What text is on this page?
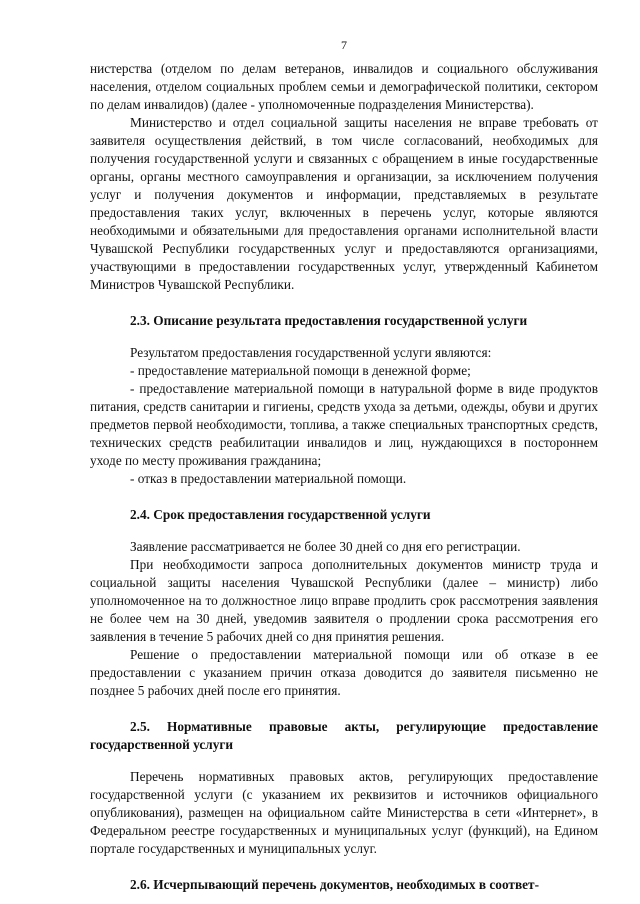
7

нистерства (отделом по делам ветеранов, инвалидов и социального обслуживания населения, отделом социальных проблем семьи и демографической политики, сектором по делам инвалидов) (далее - уполномоченные подразделения Министерства).

Министерство и отдел социальной защиты населения не вправе требовать от заявителя осуществления действий, в том числе согласований, необходимых для получения государственной услуги и связанных с обращением в иные государственные органы, органы местного самоуправления и организации, за исключением получения услуг и получения документов и информации, представляемых в результате предоставления таких услуг, включенных в перечень услуг, которые являются необходимыми и обязательными для предоставления органами исполнительной власти Чувашской Республики государственных услуг и предоставляются организациями, участвующими в предоставлении государственных услуг, утвержденный Кабинетом Министров Чувашской Республики.

2.3. Описание результата предоставления государственной услуги

Результатом предоставления государственной услуги являются:

- предоставление материальной помощи в денежной форме;

- предоставление материальной помощи в натуральной форме в виде продуктов питания, средств санитарии и гигиены, средств ухода за детьми, одежды, обуви и других предметов первой необходимости, топлива, а также специальных транспортных средств, технических средств реабилитации инвалидов и лиц, нуждающихся в постороннем уходе по месту проживания гражданина;

- отказ в предоставлении материальной помощи.

2.4. Срок предоставления государственной услуги

Заявление рассматривается не более 30 дней со дня его регистрации.

При необходимости запроса дополнительных документов министр труда и социальной защиты населения Чувашской Республики (далее – министр) либо уполномоченное на то должностное лицо вправе продлить срок рассмотрения заявления не более чем на 30 дней, уведомив заявителя о продлении срока рассмотрения его заявления в течение 5 рабочих дней со дня принятия решения.

Решение о предоставлении материальной помощи или об отказе в ее предоставлении с указанием причин отказа доводится до заявителя письменно не позднее 5 рабочих дней после его принятия.

2.5. Нормативные правовые акты, регулирующие предоставление государственной услуги

Перечень нормативных правовых актов, регулирующих предоставление государственной услуги (с указанием их реквизитов и источников официального опубликования), размещен на официальном сайте Министерства в сети «Интернет», в Федеральном реестре государственных и муниципальных услуг (функций), на Едином портале государственных и муниципальных услуг.

2.6. Исчерпывающий перечень документов, необходимых в соответ-
